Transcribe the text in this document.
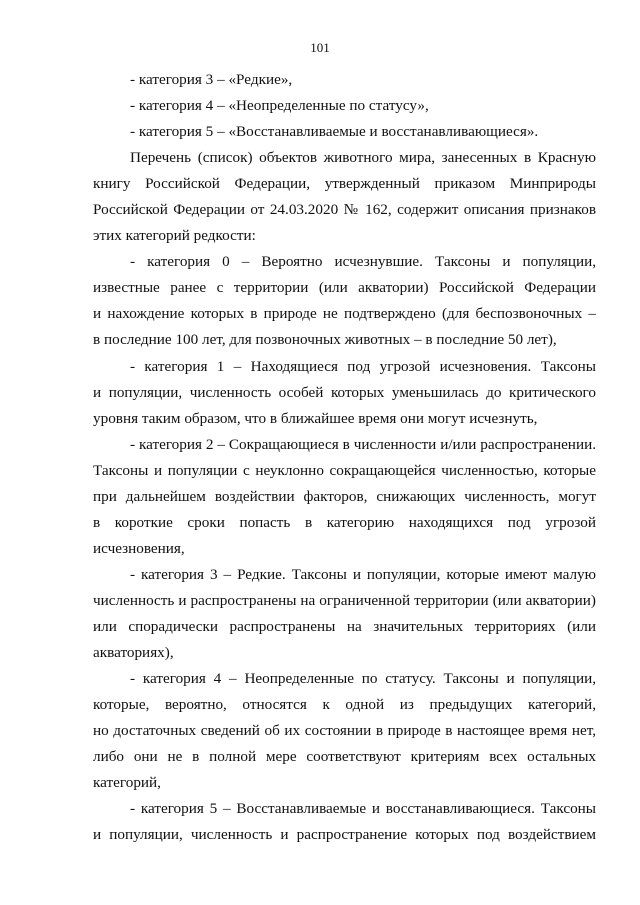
101
- категория 3 – «Редкие»,
- категория 4 – «Неопределенные по статусу»,
- категория 5 – «Восстанавливаемые и восстанавливающиеся».
Перечень (список) объектов животного мира, занесенных в Красную
книгу Российской Федерации, утвержденный приказом Минприроды
Российской Федерации от 24.03.2020 № 162, содержит описания признаков
этих категорий редкости:
- категория 0 – Вероятно исчезнувшие. Таксоны и популяции,
известные ранее с территории (или акватории) Российской Федерации
и нахождение которых в природе не подтверждено (для беспозвоночных –
в последние 100 лет, для позвоночных животных – в последние 50 лет),
- категория 1 – Находящиеся под угрозой исчезновения. Таксоны
и популяции, численность особей которых уменьшилась до критического
уровня таким образом, что в ближайшее время они могут исчезнуть,
- категория 2 – Сокращающиеся в численности и/или распространении.
Таксоны и популяции с неуклонно сокращающейся численностью, которые
при дальнейшем воздействии факторов, снижающих численность, могут
в короткие сроки попасть в категорию находящихся под угрозой
исчезновения,
- категория 3 – Редкие. Таксоны и популяции, которые имеют малую
численность и распространены на ограниченной территории (или акватории)
или спорадически распространены на значительных территориях (или
акваториях),
- категория 4 – Неопределенные по статусу. Таксоны и популяции,
которые, вероятно, относятся к одной из предыдущих категорий,
но достаточных сведений об их состоянии в природе в настоящее время нет,
либо они не в полной мере соответствуют критериям всех остальных
категорий,
- категория 5 – Восстанавливаемые и восстанавливающиеся. Таксоны
и популяции, численность и распространение которых под воздействием
